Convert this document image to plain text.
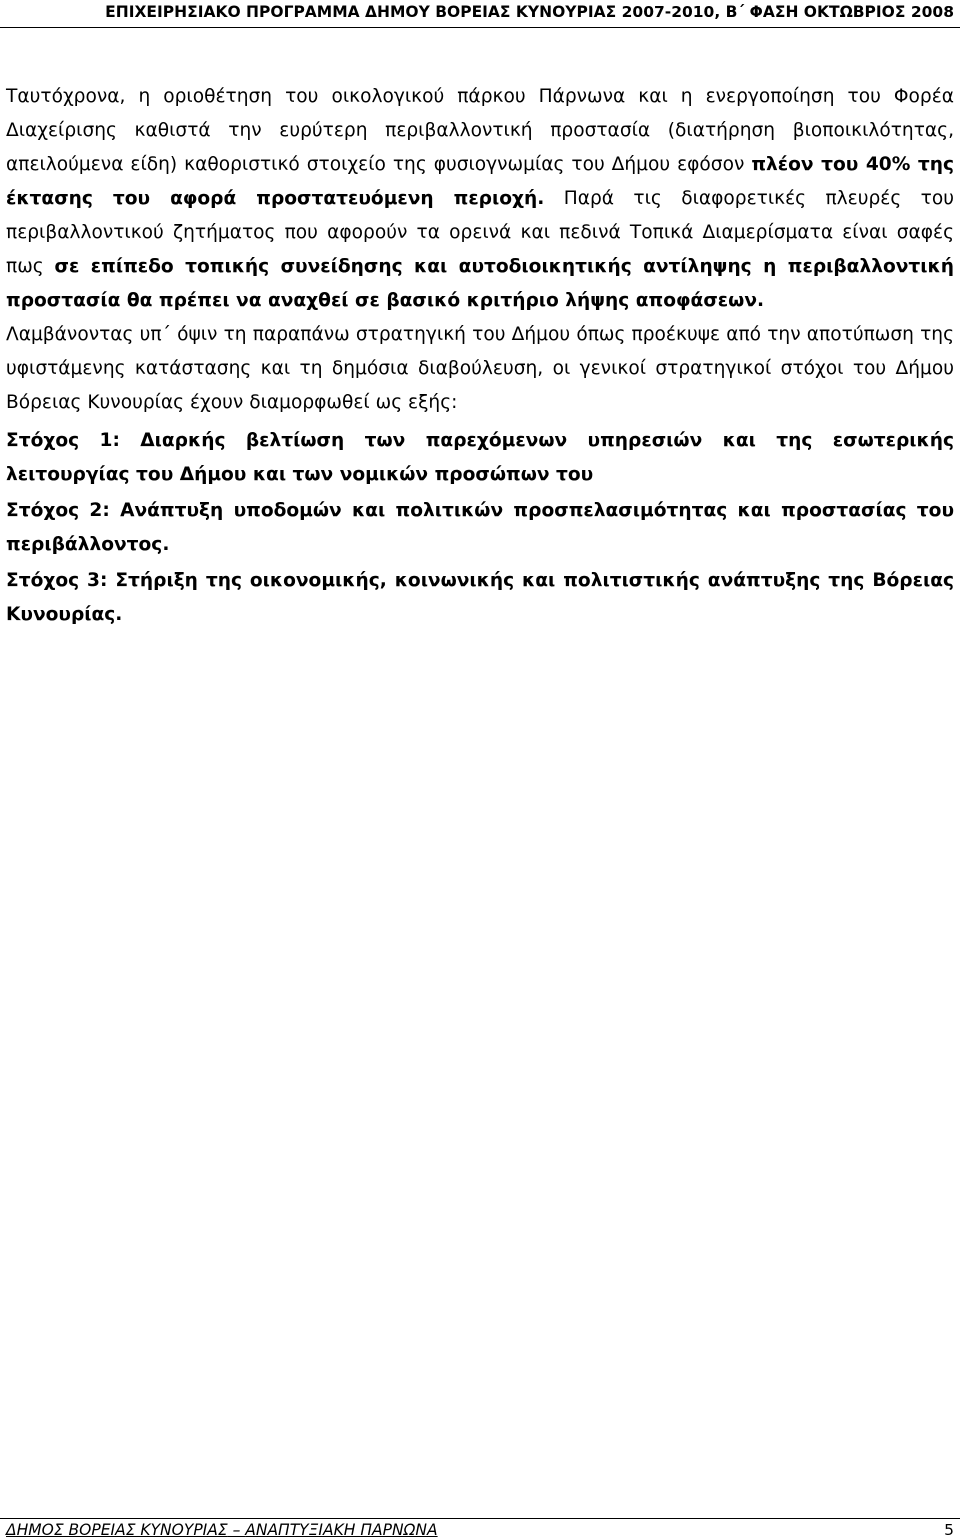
ΕΠΙΧΕΙΡΗΣΙΑΚΟ ΠΡΟΓΡΑΜΜΑ ΔΗΜΟΥ ΒΟΡΕΙΑΣ ΚΥΝΟΥΡΙΑΣ 2007-2010, Β΄ ΦΑΣΗ ΟΚΤΩΒΡΙΟΣ 2008

Ταυτόχρονα, η οριοθέτηση του οικολογικού πάρκου Πάρνωνα και η ενεργοποίηση του Φορέα Διαχείρισης καθιστά την ευρύτερη περιβαλλοντική προστασία (διατήρηση βιοποικιλότητας, απειλούμενα είδη) καθοριστικό στοιχείο της φυσιογνωμίας του Δήμου εφόσον πλέον του 40% της έκτασης του αφορά προστατευόμενη περιοχή. Παρά τις διαφορετικές πλευρές του περιβαλλοντικού ζητήματος που αφορούν τα ορεινά και πεδινά Τοπικά Διαμερίσματα είναι σαφές πως σε επίπεδο τοπικής συνείδησης και αυτοδιοικητικής αντίληψης η περιβαλλοντική προστασία θα πρέπει να αναχθεί σε βασικό κριτήριο λήψης αποφάσεων.

Λαμβάνοντας υπ΄ όψιν τη παραπάνω στρατηγική του Δήμου όπως προέκυψε από την αποτύπωση της υφιστάμενης κατάστασης και τη δημόσια διαβούλευση, οι γενικοί στρατηγικοί στόχοι του Δήμου Βόρειας Κυνουρίας έχουν διαμορφωθεί ως εξής:

Στόχος 1: Διαρκής βελτίωση των παρεχόμενων υπηρεσιών και της εσωτερικής λειτουργίας του Δήμου και των νομικών προσώπων του

Στόχος 2: Ανάπτυξη υποδομών και πολιτικών προσπελασιμότητας και προστασίας του περιβάλλοντος.

Στόχος 3: Στήριξη της οικονομικής, κοινωνικής και πολιτιστικής ανάπτυξης της Βόρειας Κυνουρίας.

ΔΗΜΟΣ ΒΟΡΕΙΑΣ ΚΥΝΟΥΡΙΑΣ – ΑΝΑΠΤΥΞΙΑΚΗ ΠΑΡΝΩΝΑ	5
